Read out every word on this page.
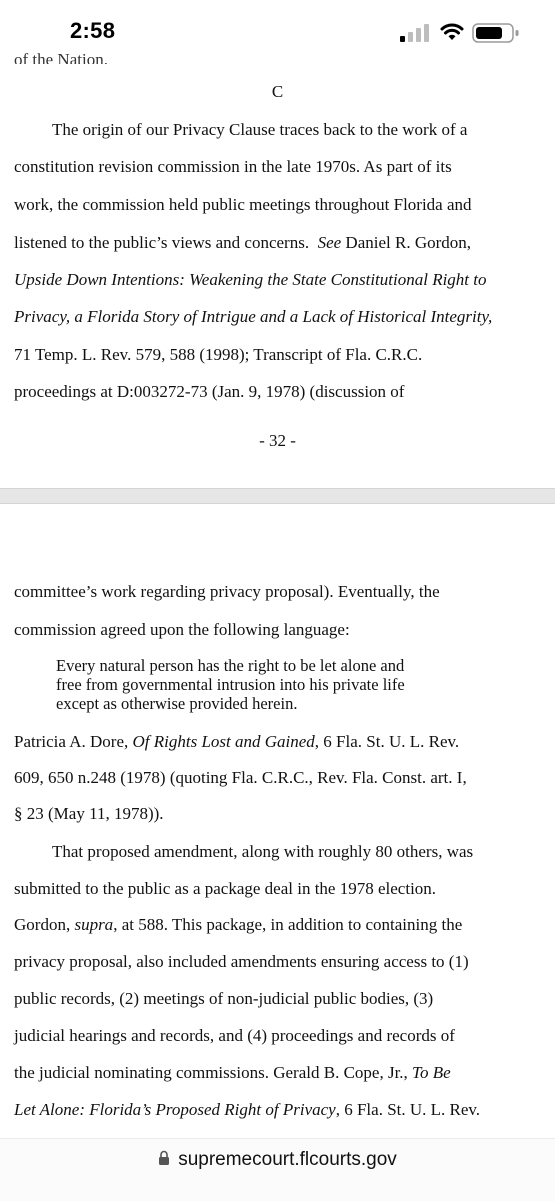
2:58
of the Nation.
C
The origin of our Privacy Clause traces back to the work of a
constitution revision commission in the late 1970s. As part of its
work, the commission held public meetings throughout Florida and
listened to the public’s views and concerns. See Daniel R. Gordon,
Upside Down Intentions: Weakening the State Constitutional Right to
Privacy, a Florida Story of Intrigue and a Lack of Historical Integrity,
71 Temp. L. Rev. 579, 588 (1998); Transcript of Fla. C.R.C.
proceedings at D:003272-73 (Jan. 9, 1978) (discussion of
- 32 -
committee’s work regarding privacy proposal). Eventually, the
commission agreed upon the following language:
Every natural person has the right to be let alone and
free from governmental intrusion into his private life
except as otherwise provided herein.
Patricia A. Dore, Of Rights Lost and Gained, 6 Fla. St. U. L. Rev.
609, 650 n.248 (1978) (quoting Fla. C.R.C., Rev. Fla. Const. art. I,
§ 23 (May 11, 1978)).
That proposed amendment, along with roughly 80 others, was
submitted to the public as a package deal in the 1978 election.
Gordon, supra, at 588. This package, in addition to containing the
privacy proposal, also included amendments ensuring access to (1)
public records, (2) meetings of non-judicial public bodies, (3)
judicial hearings and records, and (4) proceedings and records of
the judicial nominating commissions. Gerald B. Cope, Jr., To Be
Let Alone: Florida’s Proposed Right of Privacy, 6 Fla. St. U. L. Rev.
supremecourt.flcourts.gov
